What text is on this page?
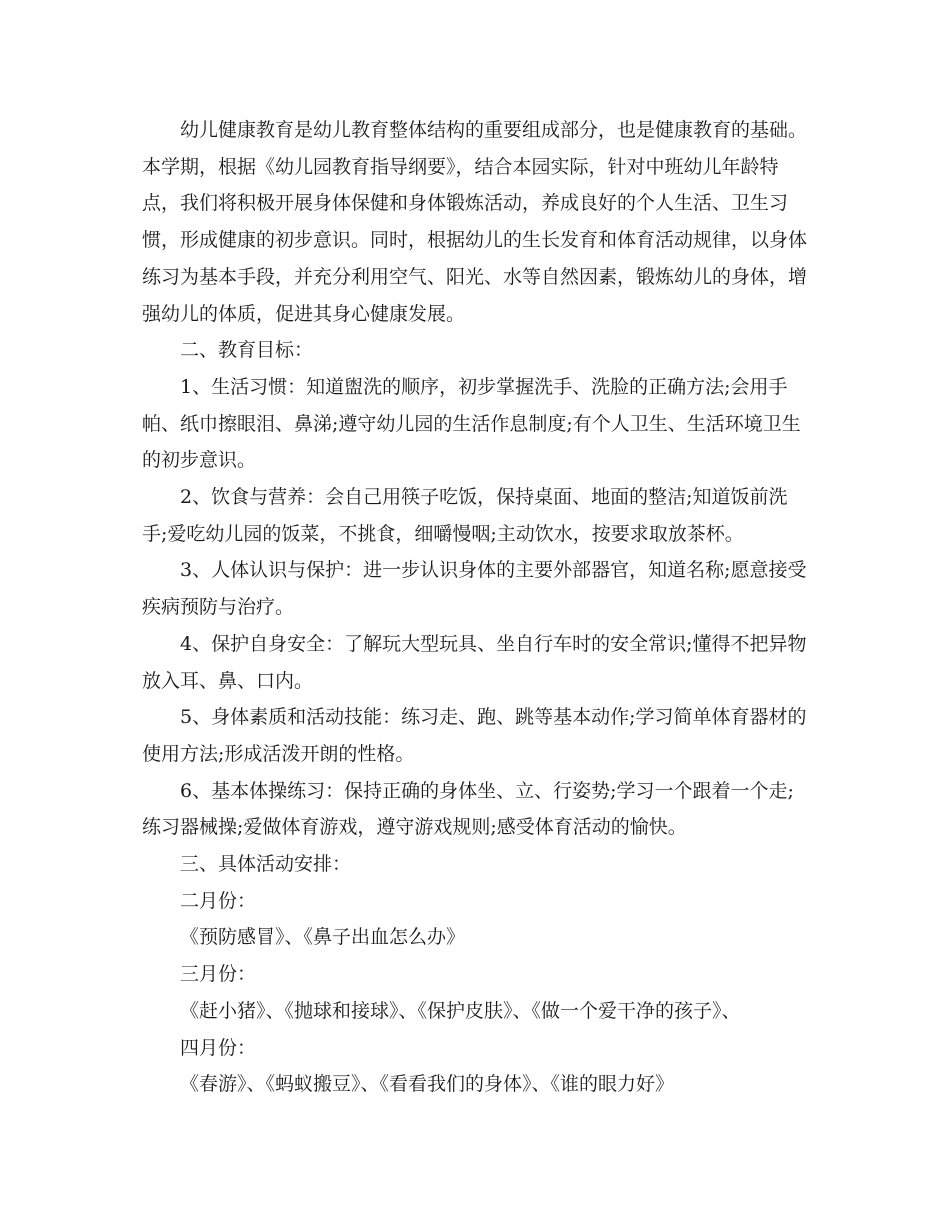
幼儿健康教育是幼儿教育整体结构的重要组成部分，也是健康教育的基础。本学期，根据《幼儿园教育指导纲要》，结合本园实际，针对中班幼儿年龄特点，我们将积极开展身体保健和身体锻炼活动，养成良好的个人生活、卫生习惯，形成健康的初步意识。同时，根据幼儿的生长发育和体育活动规律，以身体练习为基本手段，并充分利用空气、阳光、水等自然因素，锻炼幼儿的身体，增强幼儿的体质，促进其身心健康发展。

二、教育目标：

1、生活习惯：知道盥洗的顺序，初步掌握洗手、洗脸的正确方法;会用手帕、纸巾擦眼泪、鼻涕;遵守幼儿园的生活作息制度;有个人卫生、生活环境卫生的初步意识。

2、饮食与营养：会自己用筷子吃饭，保持桌面、地面的整洁;知道饭前洗手;爱吃幼儿园的饭菜，不挑食，细嚼慢咽;主动饮水，按要求取放茶杯。

3、人体认识与保护：进一步认识身体的主要外部器官，知道名称;愿意接受疾病预防与治疗。

4、保护自身安全：了解玩大型玩具、坐自行车时的安全常识;懂得不把异物放入耳、鼻、口内。

5、身体素质和活动技能：练习走、跑、跳等基本动作;学习简单体育器材的使用方法;形成活泼开朗的性格。

6、基本体操练习：保持正确的身体坐、立、行姿势;学习一个跟着一个走;练习器械操;爱做体育游戏，遵守游戏规则;感受体育活动的愉快。

三、具体活动安排：

二月份：

《预防感冒》、《鼻子出血怎么办》

三月份：

《赶小猪》、《抛球和接球》、《保护皮肤》、《做一个爱干净的孩子》、

四月份：

《春游》、《蚂蚁搬豆》、《看看我们的身体》、《谁的眼力好》
